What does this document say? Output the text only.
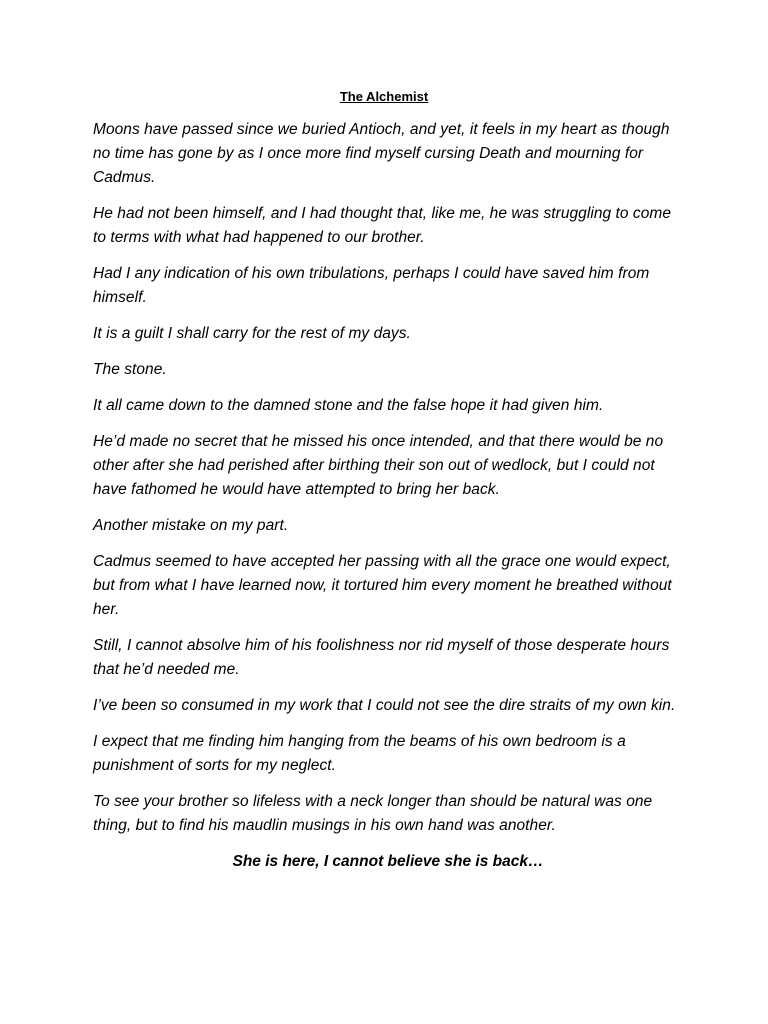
The Alchemist

Moons have passed since we buried Antioch, and yet, it feels in my heart as though no time has gone by as I once more find myself cursing Death and mourning for Cadmus.

He had not been himself, and I had thought that, like me, he was struggling to come to terms with what had happened to our brother.

Had I any indication of his own tribulations, perhaps I could have saved him from himself.

It is a guilt I shall carry for the rest of my days.

The stone.

It all came down to the damned stone and the false hope it had given him.

He’d made no secret that he missed his once intended, and that there would be no other after she had perished after birthing their son out of wedlock, but I could not have fathomed he would have attempted to bring her back.

Another mistake on my part.

Cadmus seemed to have accepted her passing with all the grace one would expect, but from what I have learned now, it tortured him every moment he breathed without her.

Still, I cannot absolve him of his foolishness nor rid myself of those desperate hours that he’d needed me.

I’ve been so consumed in my work that I could not see the dire straits of my own kin.

I expect that me finding him hanging from the beams of his own bedroom is a punishment of sorts for my neglect.

To see your brother so lifeless with a neck longer than should be natural was one thing, but to find his maudlin musings in his own hand was another.

She is here, I cannot believe she is back…
